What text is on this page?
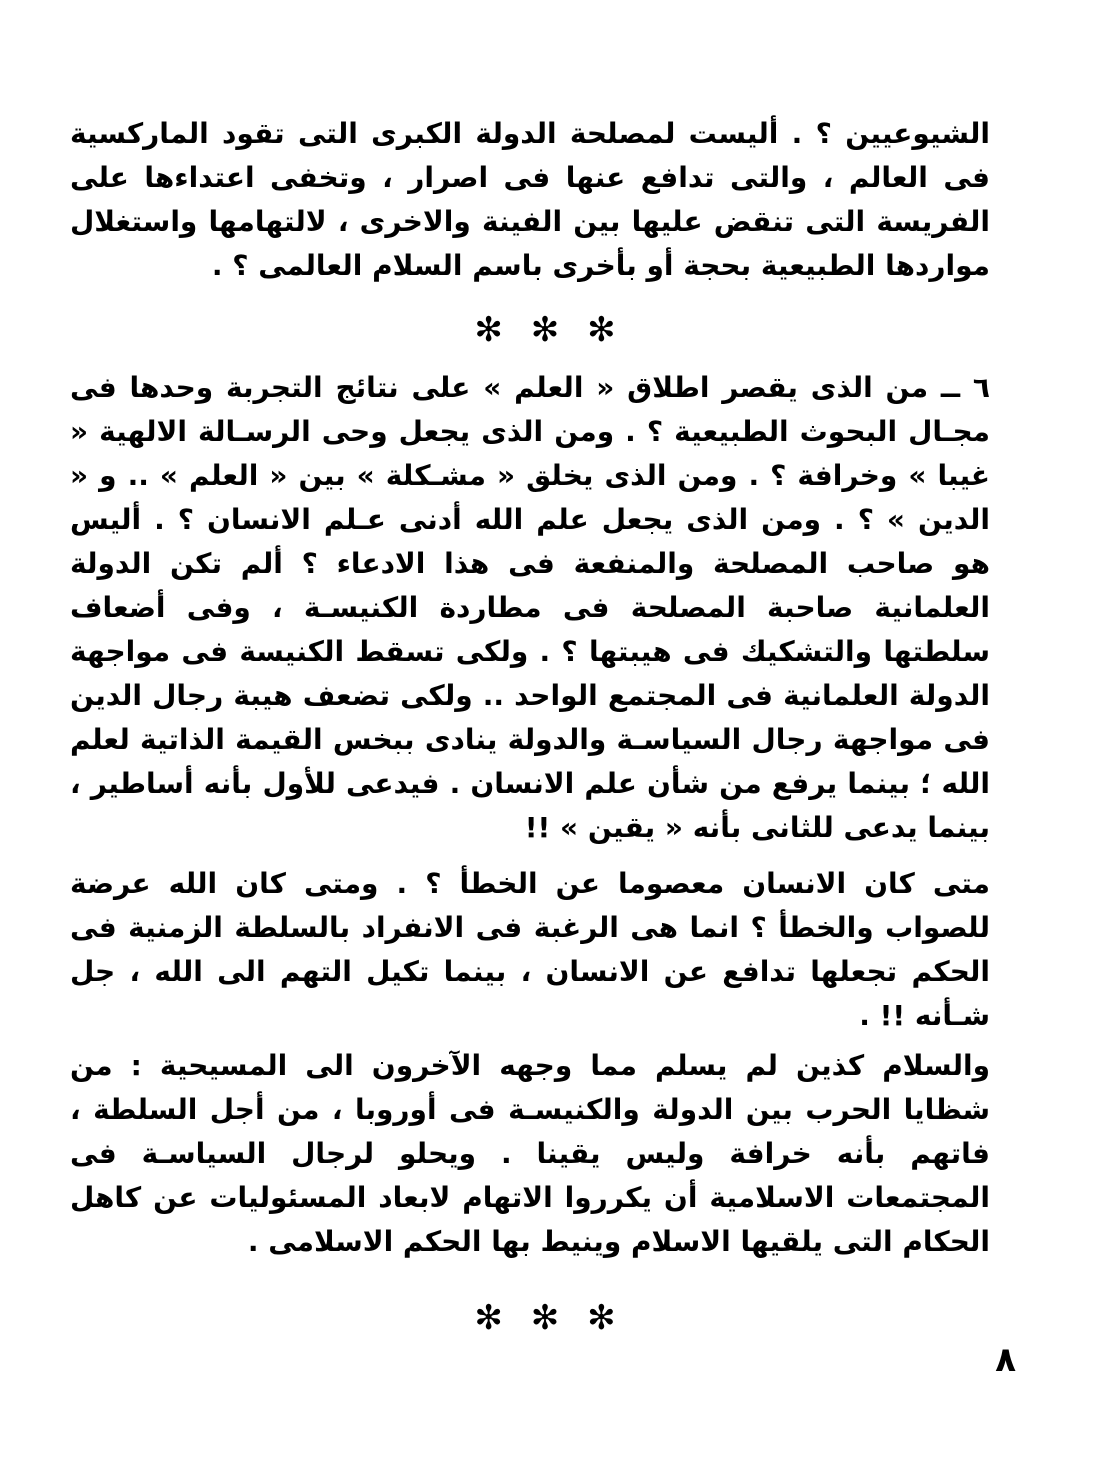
الشيوعيين ؟ . أليست لمصلحة الدولة الكبرى التى تقود الماركسية فى العالم ، والتى تدافع عنها فى اصرار ، وتخفى اعتداءها على الفريسة التى تنقض عليها بين الفينة والاخرى ، لالتهامها واستغلال مواردها الطبيعية بحجة أو بأخرى باسم السلام العالمى ؟ .

✻ ✻ ✻

٦ ــ من الذى يقصر اطلاق « العلم » على نتائج التجربة وحدها فى مجـال البحوث الطبيعية ؟ . ومن الذى يجعل وحى الرسـالة الالهية « غيبا » وخرافة ؟ . ومن الذى يخلق « مشـكلة » بين « العلم » .. و « الدين » ؟ . ومن الذى يجعل علم الله أدنى عـلم الانسان ؟ . أليس هو صاحب المصلحة والمنفعة فى هذا الادعاء ؟ ألم تكن الدولة العلمانية صاحبة المصلحة فى مطاردة الكنيسـة ، وفى أضعاف سلطتها والتشكيك فى هيبتها ؟ . ولكى تسقط الكنيسة فى مواجهة الدولة العلمانية فى المجتمع الواحد .. ولكى تضعف هيبة رجال الدين فى مواجهة رجال السياسـة والدولة ينادى ببخس القيمة الذاتية لعلم الله ؛ بينما يرفع من شأن علم الانسان . فيدعى للأول بأنه أساطير ، بينما يدعى للثانى بأنه « يقين » !!

متى كان الانسان معصوما عن الخطأ ؟ . ومتى كان الله عرضة للصواب والخطأ ؟ انما هى الرغبة فى الانفراد بالسلطة الزمنية فى الحكم تجعلها تدافع عن الانسان ، بينما تكيل التهم الى الله ، جل شـأنه !! .

والسلام كذين لم يسلم مما وجهه الآخرون الى المسيحية : من شظايا الحرب بين الدولة والكنيسـة فى أوروبا ، من أجل السلطة ، فاتهم بأنه خرافة وليس يقينا . ويحلو لرجال السياسـة فى المجتمعات الاسلامية أن يكرروا الاتهام لابعاد المسئوليات عن كاهل الحكام التى يلقيها الاسلام وينيط بها الحكم الاسلامى .

✻ ✻ ✻
٨
